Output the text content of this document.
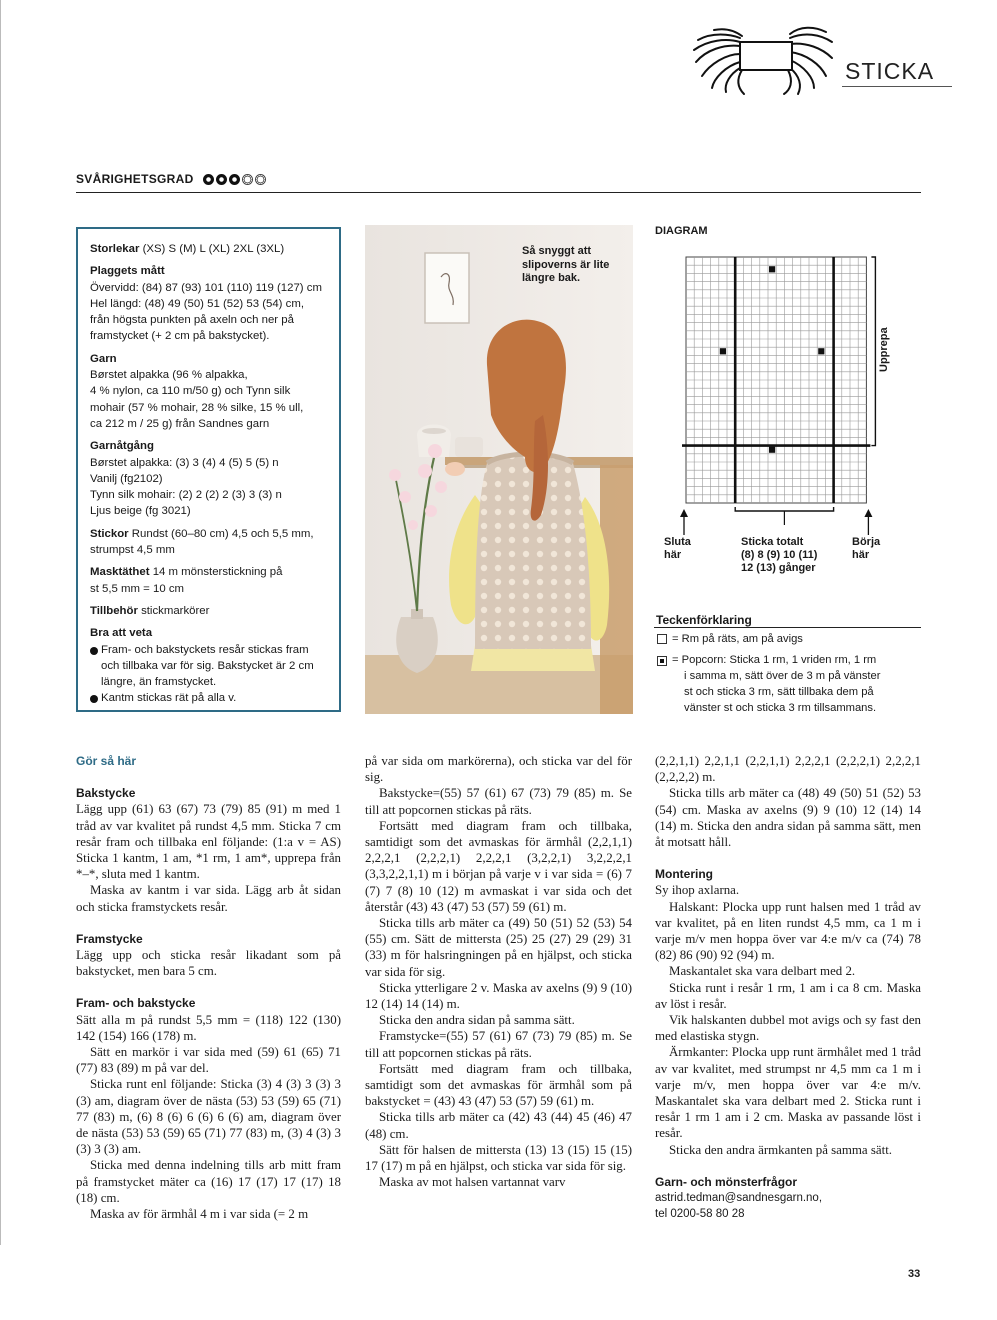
STICKA
SVÅRIGHETSGRAD
Storlekar (XS) S (M) L (XL) 2XL (3XL)
Plaggets mått
Övervidd: (84) 87 (93) 101 (110) 119 (127) cm
Hel längd: (48) 49 (50) 51 (52) 53 (54) cm,
från högsta punkten på axeln och ner på
framstycket (+ 2 cm på bakstycket).
Garn
Børstet alpakka (96 % alpakka,
4 % nylon, ca 110 m/50 g) och Tynn silk
mohair (57 % mohair, 28 % silke, 15 % ull,
ca 212 m / 25 g) från Sandnes garn
Garnåtgång
Børstet alpakka: (3) 3 (4) 4 (5) 5 (5) n
Vanilj (fg2102)
Tynn silk mohair: (2) 2 (2) 2 (3) 3 (3) n
Ljus beige (fg 3021)
Stickor Rundst (60–80 cm) 4,5 och 5,5 mm,
strumpst 4,5 mm
Masktäthet 14 m mönsterstickning på
st 5,5 mm = 10 cm
Tillbehör stickmarkörer
Bra att veta
Fram- och bakstyckets resår stickas fram och tillbaka var för sig. Bakstycket är 2 cm längre, än framstycket.
Kantm stickas rät på alla v.
Så snyggt att
slipoverns är lite
längre bak.
DIAGRAM
Sluta
här
Sticka totalt
(8) 8 (9) 10 (11)
12 (13) gånger
Börja
här
Upprepa
Teckenförklaring
= Rm på räts, am på avigs
= Popcorn: Sticka 1 rm, 1 vriden rm, 1 rm
i samma m, sätt över de 3 m på vänster
st och sticka 3 rm, sätt tillbaka dem på
vänster st och sticka 3 rm tillsammans.
Gör så här
Bakstycke

Lägg upp (61) 63 (67) 73 (79) 85 (91) m med 1 tråd av var kvalitet på rundst 4,5 mm. Sticka 7 cm resår fram och tillbaka enl följande: (1:a v = AS) Sticka 1 kantm, 1 am, *1 rm, 1 am*, upprepa från *–*, sluta med 1 kantm.

Maska av kantm i var sida. Lägg arb åt sidan och sticka framstyckets resår.

Framstycke

Lägg upp och sticka resår likadant som på bakstycket, men bara 5 cm.

Fram- och bakstycke

Sätt alla m på rundst 5,5 mm = (118) 122 (130) 142 (154) 166 (178) m.

Sätt en markör i var sida med (59) 61 (65) 71 (77) 83 (89) m på var del.

Sticka runt enl följande: Sticka (3) 4 (3) 3 (3) 3 (3) am, diagram över de nästa (53) 53 (59) 65 (71) 77 (83) m, (6) 8 (6) 6 (6) 6 (6) am, diagram över de nästa (53) 53 (59) 65 (71) 77 (83) m, (3) 4 (3) 3 (3) 3 (3) am.

Sticka med denna indelning tills arb mitt fram på framstycket mäter ca (16) 17 (17) 17 (17) 18 (18) cm.

Maska av för ärmhål 4 m i var sida (= 2 m

på var sida om markörerna), och sticka var del för sig.

Bakstycke=(55) 57 (61) 67 (73) 79 (85) m. Se till att popcornen stickas på räts.

Fortsätt med diagram fram och tillbaka, samtidigt som det avmaskas för ärmhål (2,2,1,1) 2,2,2,1 (2,2,2,1) 2,2,2,1 (3,2,2,1) 3,2,2,2,1 (3,3,2,2,1,1) m i början på varje v i var sida = (6) 7 (7) 7 (8) 10 (12) m avmaskat i var sida och det återstår (43) 43 (47) 53 (57) 59 (61) m.

Sticka tills arb mäter ca (49) 50 (51) 52 (53) 54 (55) cm. Sätt de mittersta (25) 25 (27) 29 (29) 31 (33) m för halsringningen på en hjälpst, och sticka var sida för sig.

Sticka ytterligare 2 v. Maska av axelns (9) 9 (10) 12 (14) 14 (14) m.

Sticka den andra sidan på samma sätt.

Framstycke=(55) 57 (61) 67 (73) 79 (85) m. Se till att popcornen stickas på räts.

Fortsätt med diagram fram och tillbaka, samtidigt som det avmaskas för ärmhål som på bakstycket = (43) 43 (47) 53 (57) 59 (61) m.

Sticka tills arb mäter ca (42) 43 (44) 45 (46) 47 (48) cm.

Sätt för halsen de mittersta (13) 13 (15) 15 (15) 17 (17) m på en hjälpst, och sticka var sida för sig.

Maska av mot halsen vartannat varv

(2,2,1,1) 2,2,1,1 (2,2,1,1) 2,2,2,1 (2,2,2,1) 2,2,2,1 (2,2,2,2) m.

Sticka tills arb mäter ca (48) 49 (50) 51 (52) 53 (54) cm. Maska av axelns (9) 9 (10) 12 (14) 14 (14) m. Sticka den andra sidan på samma sätt, men åt motsatt håll.

Montering

Sy ihop axlarna.

Halskant: Plocka upp runt halsen med 1 tråd av var kvalitet, på en liten rundst 4,5 mm, ca 1 m i varje m/v men hoppa över var 4:e m/v ca (74) 78 (82) 86 (90) 92 (94) m.

Maskantalet ska vara delbart med 2.

Sticka runt i resår 1 rm, 1 am i ca 8 cm. Maska av löst i resår.

Vik halskanten dubbel mot avigs och sy fast den med elastiska stygn.

Ärmkanter: Plocka upp runt ärmhålet med 1 tråd av var kvalitet, med strumpst nr 4,5 mm ca 1 m i varje m/v, men hoppa över var 4:e m/v. Maskantalet ska vara delbart med 2. Sticka runt i resår 1 rm 1 am i 2 cm. Maska av passande löst i resår.

Sticka den andra ärmkanten på samma sätt.

Garn- och mönsterfrågor

astrid.tedman@sandnesgarn.no,

tel 0200-58 80 28

33
